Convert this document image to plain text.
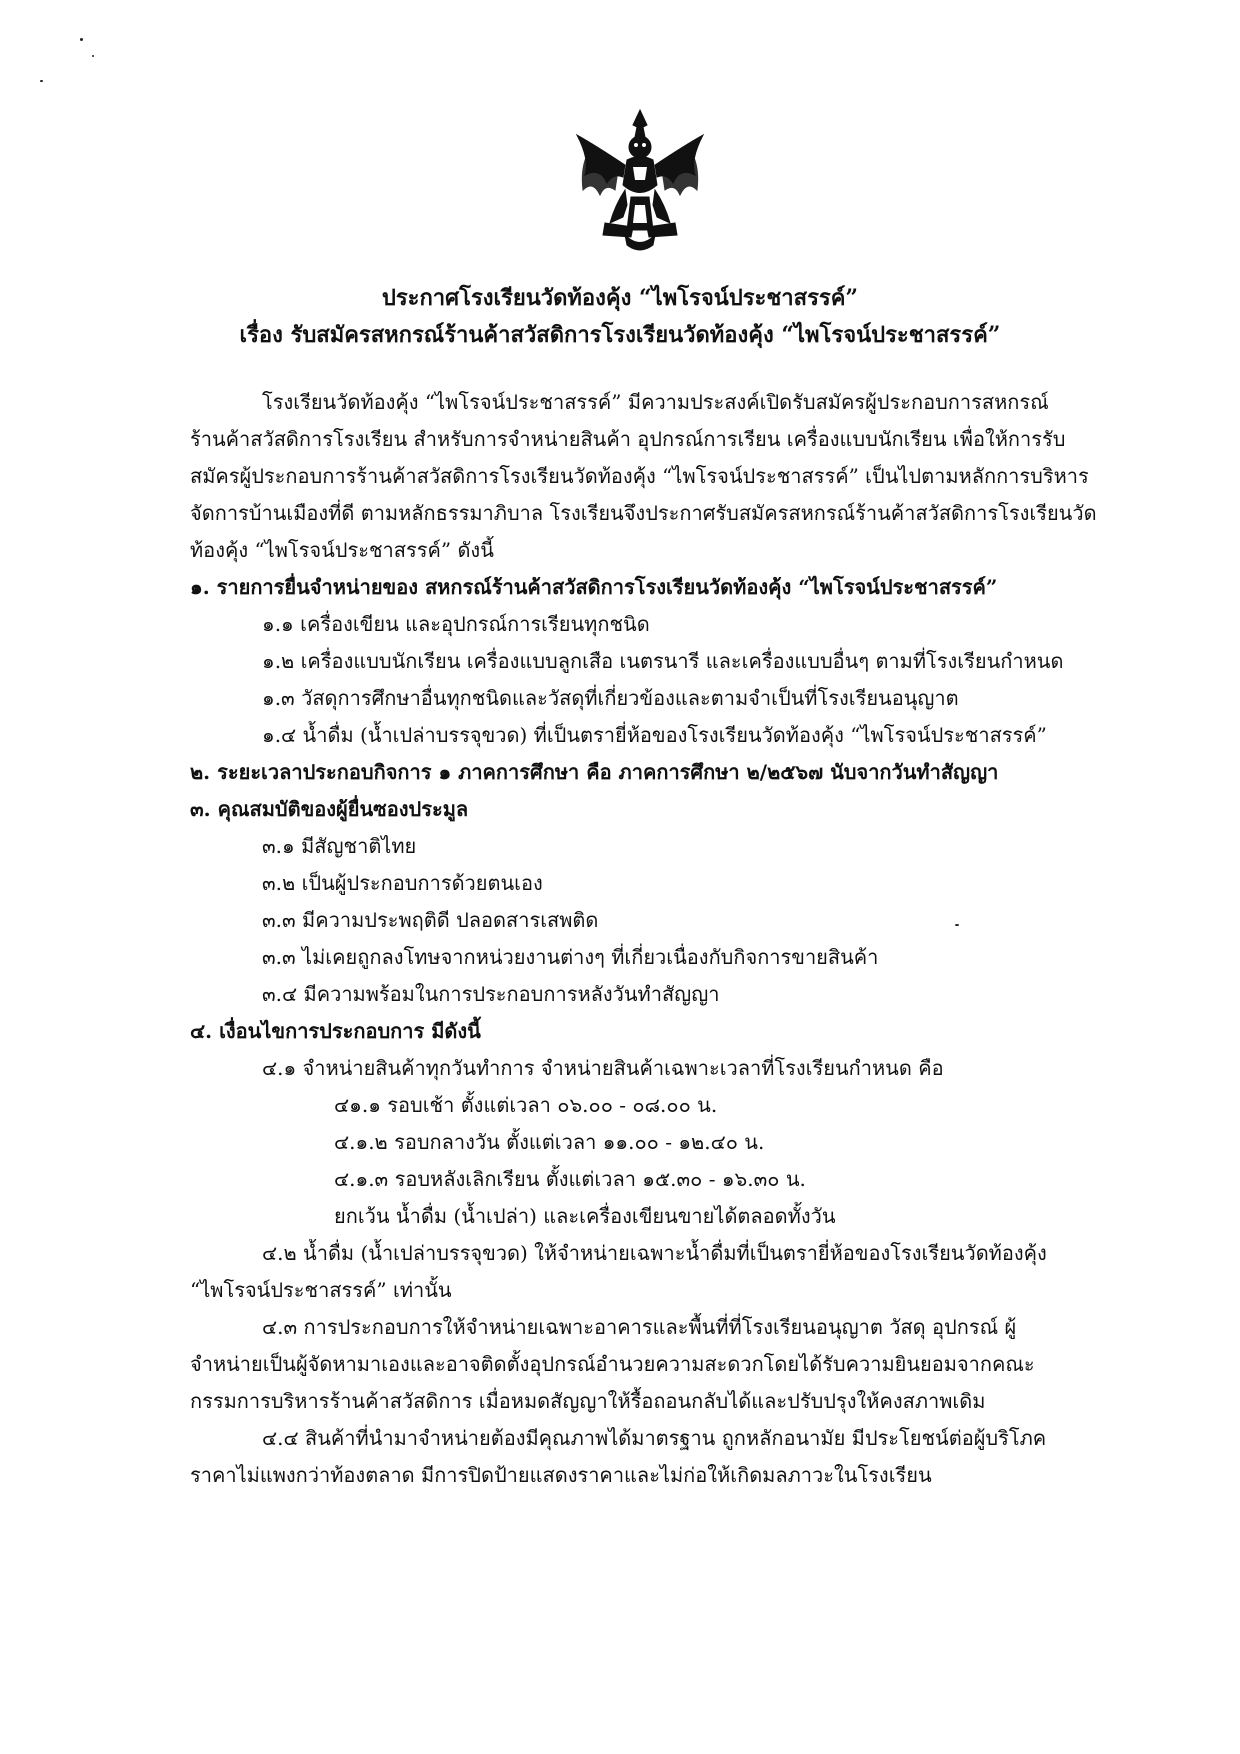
ประกาศโรงเรียนวัดท้องคุ้ง “ไพโรจน์ประชาสรรค์”
เรื่อง รับสมัครสหกรณ์ร้านค้าสวัสดิการโรงเรียนวัดท้องคุ้ง “ไพโรจน์ประชาสรรค์”
โรงเรียนวัดท้องคุ้ง “ไพโรจน์ประชาสรรค์” มีความประสงค์เปิดรับสมัครผู้ประกอบการสหกรณ์
ร้านค้าสวัสดิการโรงเรียน สำหรับการจำหน่ายสินค้า อุปกรณ์การเรียน เครื่องแบบนักเรียน เพื่อให้การรับ
สมัครผู้ประกอบการร้านค้าสวัสดิการโรงเรียนวัดท้องคุ้ง “ไพโรจน์ประชาสรรค์” เป็นไปตามหลักการบริหาร
จัดการบ้านเมืองที่ดี ตามหลักธรรมาภิบาล โรงเรียนจึงประกาศรับสมัครสหกรณ์ร้านค้าสวัสดิการโรงเรียนวัด
ท้องคุ้ง “ไพโรจน์ประชาสรรค์” ดังนี้
๑. รายการยื่นจำหน่ายของ สหกรณ์ร้านค้าสวัสดิการโรงเรียนวัดท้องคุ้ง “ไพโรจน์ประชาสรรค์”
๑.๑ เครื่องเขียน และอุปกรณ์การเรียนทุกชนิด
๑.๒ เครื่องแบบนักเรียน เครื่องแบบลูกเสือ เนตรนารี และเครื่องแบบอื่นๆ ตามที่โรงเรียนกำหนด
๑.๓ วัสดุการศึกษาอื่นทุกชนิดและวัสดุที่เกี่ยวข้องและตามจำเป็นที่โรงเรียนอนุญาต
๑.๔ น้ำดื่ม (น้ำเปล่าบรรจุขวด) ที่เป็นตรายี่ห้อของโรงเรียนวัดท้องคุ้ง “ไพโรจน์ประชาสรรค์”
๒. ระยะเวลาประกอบกิจการ ๑ ภาคการศึกษา คือ ภาคการศึกษา ๒/๒๕๖๗ นับจากวันทำสัญญา
๓. คุณสมบัติของผู้ยื่นซองประมูล
๓.๑ มีสัญชาติไทย
๓.๒ เป็นผู้ประกอบการด้วยตนเอง
๓.๓ มีความประพฤติดี ปลอดสารเสพติด
๓.๓ ไม่เคยถูกลงโทษจากหน่วยงานต่างๆ ที่เกี่ยวเนื่องกับกิจการขายสินค้า
๓.๔ มีความพร้อมในการประกอบการหลังวันทำสัญญา
๔. เงื่อนไขการประกอบการ มีดังนี้
๔.๑ จำหน่ายสินค้าทุกวันทำการ จำหน่ายสินค้าเฉพาะเวลาที่โรงเรียนกำหนด คือ
๔๑.๑ รอบเช้า ตั้งแต่เวลา ๐๖.๐๐ - ๐๘.๐๐ น.
๔.๑.๒ รอบกลางวัน ตั้งแต่เวลา ๑๑.๐๐ - ๑๒.๔๐ น.
๔.๑.๓ รอบหลังเลิกเรียน ตั้งแต่เวลา ๑๕.๓๐ - ๑๖.๓๐ น.
ยกเว้น น้ำดื่ม (น้ำเปล่า) และเครื่องเขียนขายได้ตลอดทั้งวัน
๔.๒ น้ำดื่ม (น้ำเปล่าบรรจุขวด) ให้จำหน่ายเฉพาะน้ำดื่มที่เป็นตรายี่ห้อของโรงเรียนวัดท้องคุ้ง
“ไพโรจน์ประชาสรรค์” เท่านั้น
๔.๓ การประกอบการให้จำหน่ายเฉพาะอาคารและพื้นที่ที่โรงเรียนอนุญาต วัสดุ อุปกรณ์ ผู้
จำหน่ายเป็นผู้จัดหามาเองและอาจติดตั้งอุปกรณ์อำนวยความสะดวกโดยได้รับความยินยอมจากคณะ
กรรมการบริหารร้านค้าสวัสดิการ เมื่อหมดสัญญาให้รื้อถอนกลับได้และปรับปรุงให้คงสภาพเดิม
๔.๔ สินค้าที่นำมาจำหน่ายต้องมีคุณภาพได้มาตรฐาน ถูกหลักอนามัย มีประโยชน์ต่อผู้บริโภค
ราคาไม่แพงกว่าท้องตลาด มีการปิดป้ายแสดงราคาและไม่ก่อให้เกิดมลภาวะในโรงเรียน
